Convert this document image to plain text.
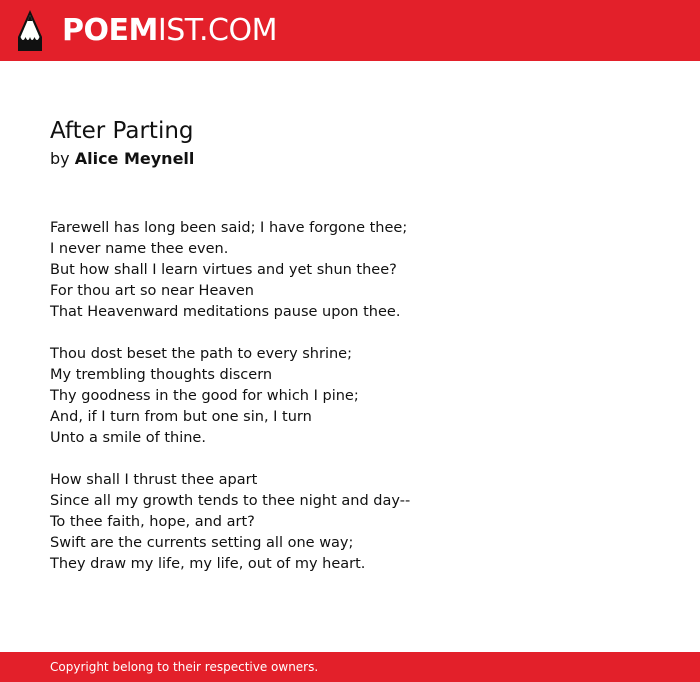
POEMIST.COM
After Parting
by Alice Meynell
Farewell has long been said; I have forgone thee;
I never name thee even.
But how shall I learn virtues and yet shun thee?
For thou art so near Heaven
That Heavenward meditations pause upon thee.
Thou dost beset the path to every shrine;
My trembling thoughts discern
Thy goodness in the good for which I pine;
And, if I turn from but one sin, I turn
Unto a smile of thine.
How shall I thrust thee apart
Since all my growth tends to thee night and day--
To thee faith, hope, and art?
Swift are the currents setting all one way;
They draw my life, my life, out of my heart.
Copyright belong to their respective owners.
